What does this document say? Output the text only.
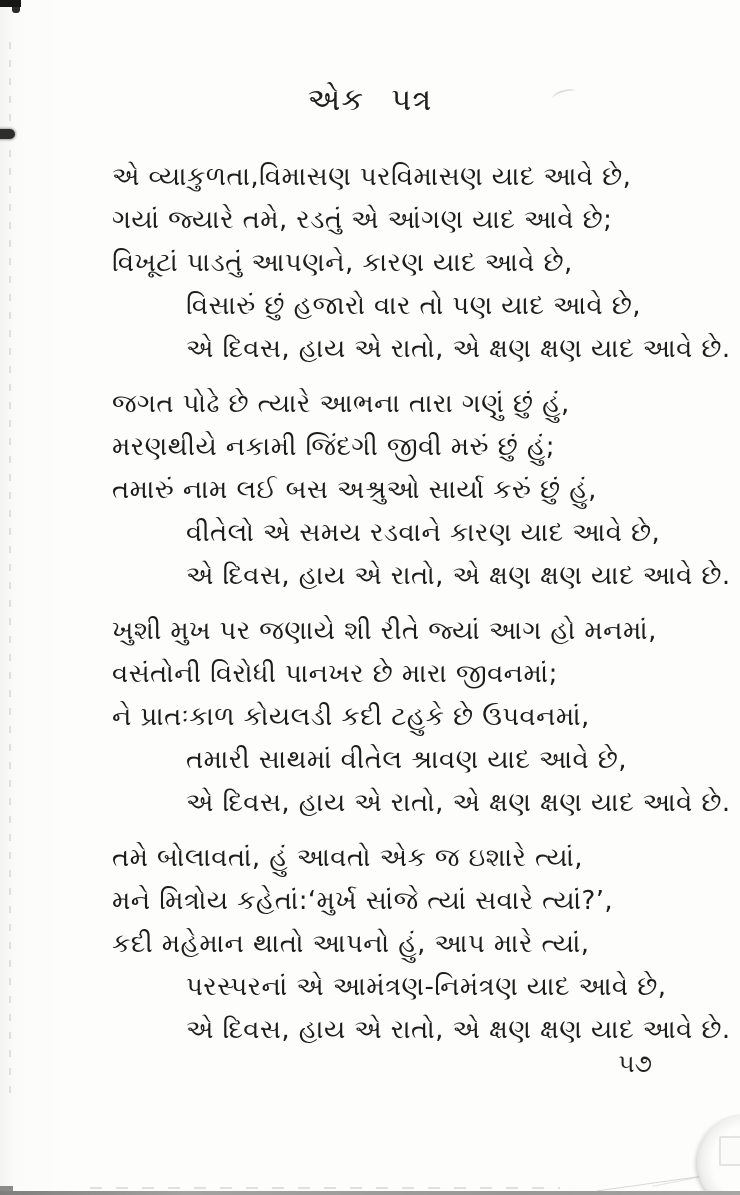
એક પત્ર
એ વ્યાકુળતા,વિમાસણ પરવિમાસણ યાદ આવે છે,
ગયાં જ્યારે તમે, રડતું એ આંગણ યાદ આવે છે;
વિખૂટાં પાડતું આપણને, કારણ યાદ આવે છે,
વિસારું છું હજારો વાર તો પણ યાદ આવે છે,
એ દિવસ, હાય એ રાતો, એ ક્ષણ ક્ષણ યાદ આવે છે.
જગત પોઢે છે ત્યારે આભના તારા ગણું છું હું,
મરણથીયે નકામી જિંદગી જીવી મરું છું હું;
તમારું નામ લઈ બસ અશ્રુઓ સાર્યા કરું છું હું,
વીતેલો એ સમય રડવાને કારણ યાદ આવે છે,
એ દિવસ, હાય એ રાતો, એ ક્ષણ ક્ષણ યાદ આવે છે.
ખુશી મુખ પર જણાયે શી રીતે જ્યાં આગ હો મનમાં,
વસંતોની વિરોધી પાનખર છે મારા જીવનમાં;
ને પ્રાતઃકાળ કોયલડી કદી ટહુકે છે ઉપવનમાં,
તમારી સાથમાં વીતેલ શ્રાવણ યાદ આવે છે,
એ દિવસ, હાય એ રાતો, એ ક્ષણ ક્ષણ યાદ આવે છે.
તમે બોલાવતાં, હું આવતો એક જ ઇશારે ત્યાં,
મને મિત્રોય કહેતાં:‘મુર્ખ સાંજે ત્યાં સવારે ત્યાં?’,
કદી મહેમાન થાતો આપનો હું, આપ મારે ત્યાં,
પરસ્પરનાં એ આમંત્રણ-નિમંત્રણ યાદ આવે છે,
એ દિવસ, હાય એ રાતો, એ ક્ષણ ક્ષણ યાદ આવે છે.
૫૭
